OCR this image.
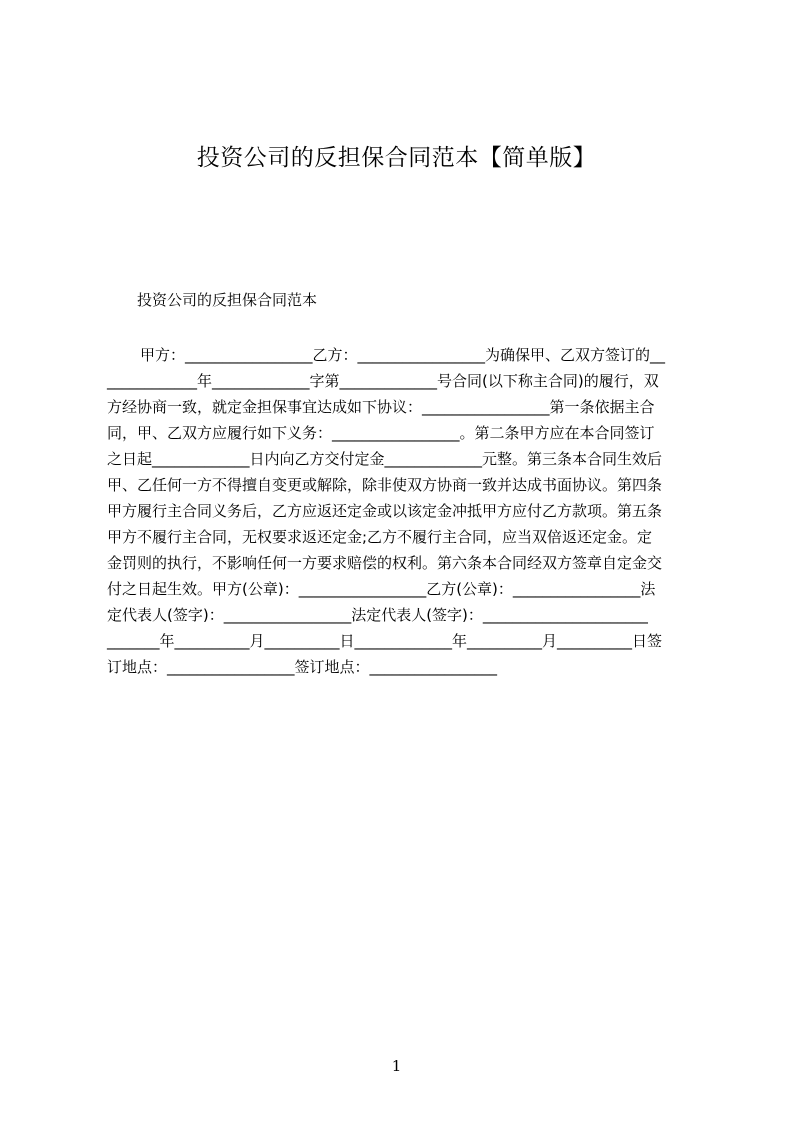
投资公司的反担保合同范本【简单版】

投资公司的反担保合同范本

甲方：_________________乙方：_________________为确保甲、乙双方签订的__
____________年_____________字第_____________号合同(以下称主合同)的履行，双
方经协商一致，就定金担保事宜达成如下协议：_________________第一条依据主合
同，甲、乙双方应履行如下义务：_________________。第二条甲方应在本合同签订
之日起_____________日内向乙方交付定金_____________元整。第三条本合同生效后
甲、乙任何一方不得擅自变更或解除，除非使双方协商一致并达成书面协议。第四条
甲方履行主合同义务后，乙方应返还定金或以该定金冲抵甲方应付乙方款项。第五条
甲方不履行主合同，无权要求返还定金;乙方不履行主合同，应当双倍返还定金。定
金罚则的执行，不影响任何一方要求赔偿的权利。第六条本合同经双方签章自定金交
付之日起生效。甲方(公章)：_________________乙方(公章)：_________________法
定代表人(签字)：_________________法定代表人(签字)：______________________
_______年__________月__________日_____________年__________月__________日签
订地点：_________________签订地点：_________________
1
